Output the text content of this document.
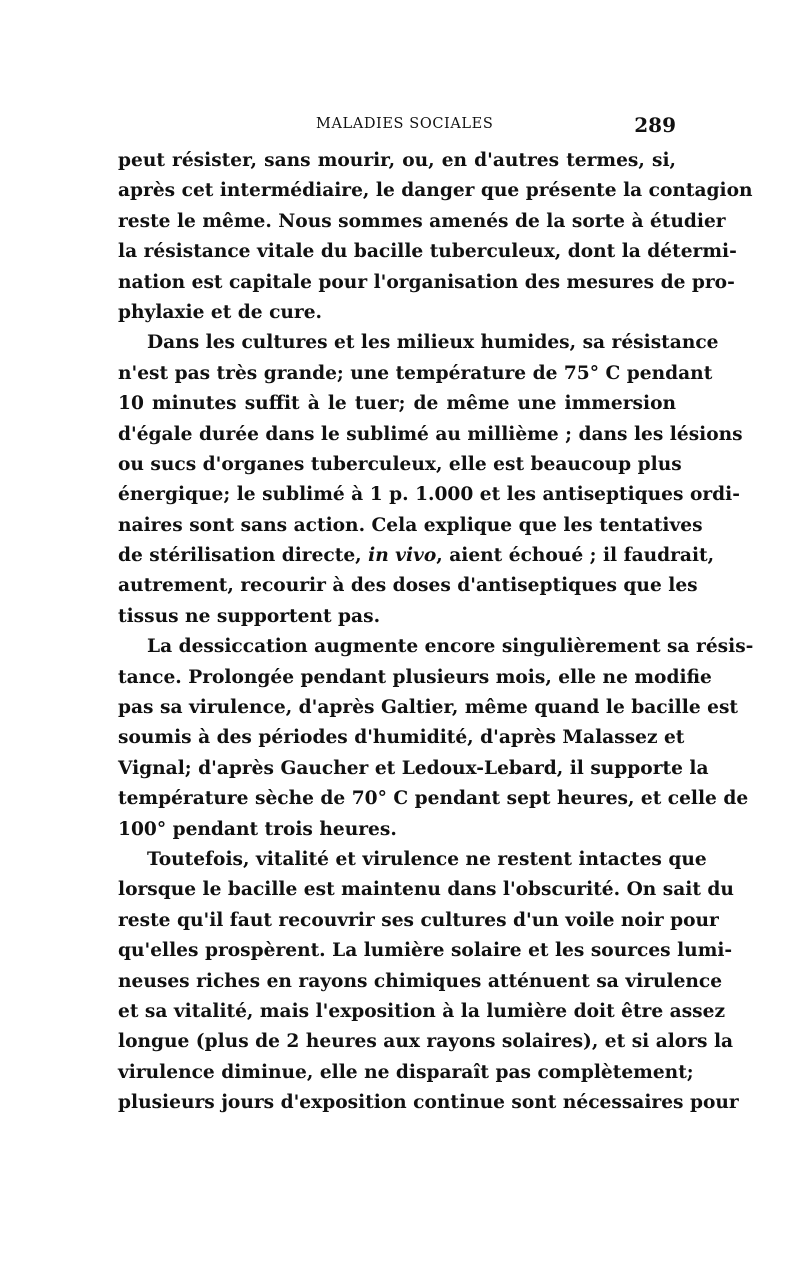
MALADIES SOCIALES	289
peut résister, sans mourir, ou, en d'autres termes, si,
après cet intermédiaire, le danger que présente la contagion
reste le même. Nous sommes amenés de la sorte à étudier
la résistance vitale du bacille tuberculeux, dont la détermi-
nation est capitale pour l'organisation des mesures de pro-
phylaxie et de cure.
Dans les cultures et les milieux humides, sa résistance
n'est pas très grande; une température de 75° C pendant
10 minutes suffit à le tuer; de même une immersion
d'égale durée dans le sublimé au millième ; dans les lésions
ou sucs d'organes tuberculeux, elle est beaucoup plus
énergique; le sublimé à 1 p. 1.000 et les antiseptiques ordi-
naires sont sans action. Cela explique que les tentatives
de stérilisation directe, in vivo, aient échoué ; il faudrait,
autrement, recourir à des doses d'antiseptiques que les
tissus ne supportent pas.
La dessiccation augmente encore singulièrement sa résis-
tance. Prolongée pendant plusieurs mois, elle ne modifie
pas sa virulence, d'après Galtier, même quand le bacille est
soumis à des périodes d'humidité, d'après Malassez et
Vignal; d'après Gaucher et Ledoux-Lebard, il supporte la
température sèche de 70° C pendant sept heures, et celle de
100° pendant trois heures.
Toutefois, vitalité et virulence ne restent intactes que
lorsque le bacille est maintenu dans l'obscurité. On sait du
reste qu'il faut recouvrir ses cultures d'un voile noir pour
qu'elles prospèrent. La lumière solaire et les sources lumi-
neuses riches en rayons chimiques atténuent sa virulence
et sa vitalité, mais l'exposition à la lumière doit être assez
longue (plus de 2 heures aux rayons solaires), et si alors la
virulence diminue, elle ne disparaît pas complètement;
plusieurs jours d'exposition continue sont nécessaires pour
